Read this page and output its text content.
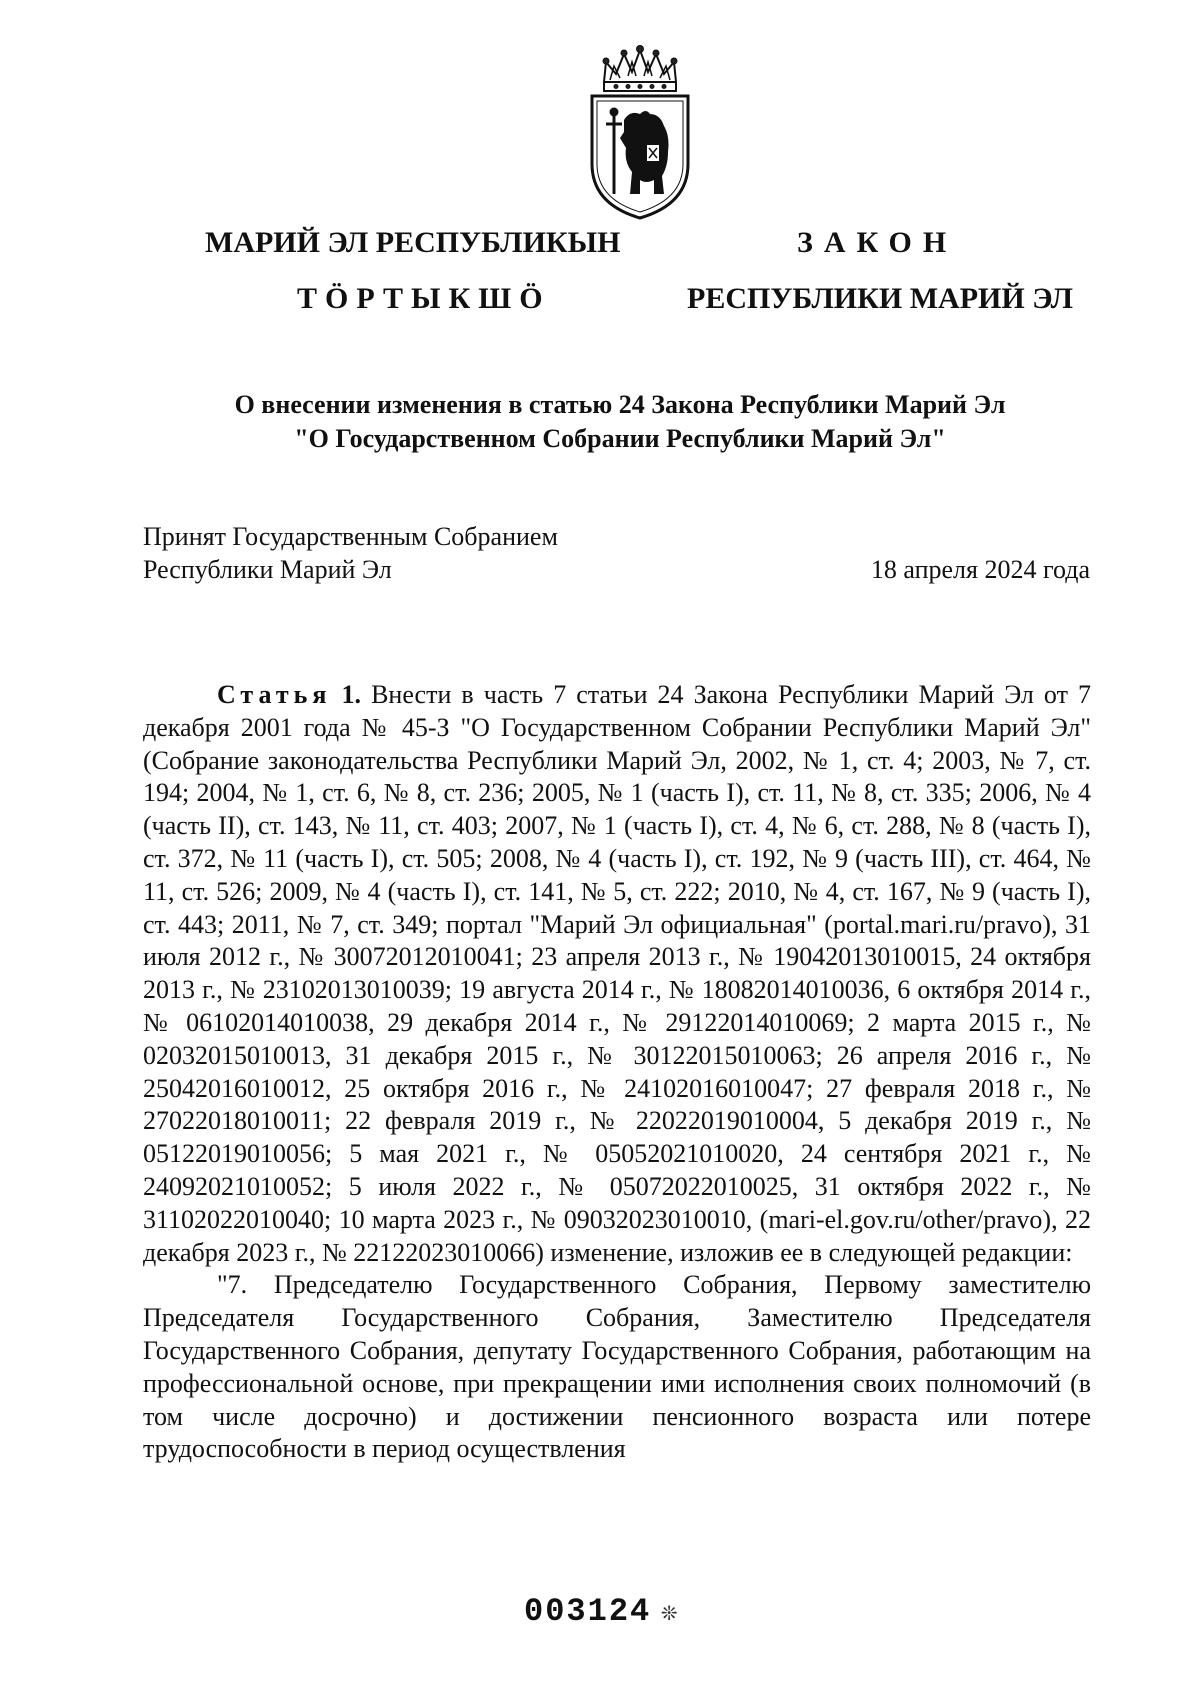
МАРИЙ ЭЛ РЕСПУБЛИКЫН
ТӦРТЫКШӦ
ЗАКОН
РЕСПУБЛИКИ МАРИЙ ЭЛ
О внесении изменения в статью 24 Закона Республики Марий Эл
"О Государственном Собрании Республики Марий Эл"
Принят Государственным Собранием
Республики Марий Эл	18 апреля 2024 года

Статья 1. Внести в часть 7 статьи 24 Закона Республики Марий Эл от 7 декабря 2001 года № 45-З "О Государственном Собрании Республики Марий Эл" (Собрание законодательства Республики Марий Эл, 2002, № 1, ст. 4; 2003, № 7, ст. 194; 2004, № 1, ст. 6, № 8, ст. 236; 2005, № 1 (часть I), ст. 11, № 8, ст. 335; 2006, № 4 (часть II), ст. 143, № 11, ст. 403; 2007, № 1 (часть I), ст. 4, № 6, ст. 288, № 8 (часть I), ст. 372, № 11 (часть I), ст. 505; 2008, № 4 (часть I), ст. 192, № 9 (часть III), ст. 464, № 11, ст. 526; 2009, № 4 (часть I), ст. 141, № 5, ст. 222; 2010, № 4, ст. 167, № 9 (часть I), ст. 443; 2011, № 7, ст. 349; портал "Марий Эл официальная" (portal.mari.ru/pravo), 31 июля 2012 г., № 30072012010041; 23 апреля 2013 г., № 19042013010015, 24 октября 2013 г., № 23102013010039; 19 августа 2014 г., № 18082014010036, 6 октября 2014 г., № 06102014010038, 29 декабря 2014 г., № 29122014010069; 2 марта 2015 г., № 02032015010013, 31 декабря 2015 г., № 30122015010063; 26 апреля 2016 г., № 25042016010012, 25 октября 2016 г., № 24102016010047; 27 февраля 2018 г., № 27022018010011; 22 февраля 2019 г., № 22022019010004, 5 декабря 2019 г., № 05122019010056; 5 мая 2021 г., № 05052021010020, 24 сентября 2021 г., № 24092021010052; 5 июля 2022 г., № 05072022010025, 31 октября 2022 г., № 31102022010040; 10 марта 2023 г., № 09032023010010, (mari-el.gov.ru/other/pravo), 22 декабря 2023 г., № 22122023010066) изменение, изложив ее в следующей редакции:

"7. Председателю Государственного Собрания, Первому заместителю Председателя Государственного Собрания, Заместителю Председателя Государственного Собрания, депутату Государственного Собрания, работающим на профессиональной основе, при прекращении ими исполнения своих полномочий (в том числе досрочно) и достижении пенсионного возраста или потере трудоспособности в период осуществления

003124 ❊
